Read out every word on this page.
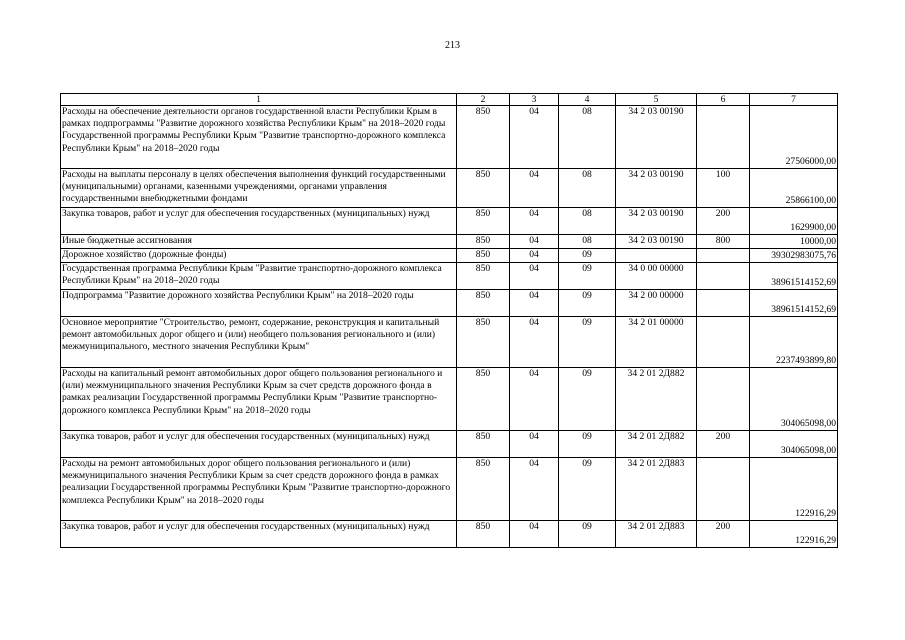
213
1	2	3	4	5	6	7
Расходы на обеспечение деятельности органов государственной власти Республики Крым в рамках подпрограммы "Развитие дорожного хозяйства Республики Крым" на 2018–2020 годы Государственной программы Республики Крым "Развитие транспортно-дорожного комплекса Республики Крым" на 2018–2020 годы	850	04	08	34 2 03 00190		27506000,00
Расходы на выплаты персоналу в целях обеспечения выполнения функций государственными (муниципальными) органами, казенными учреждениями, органами управления государственными внебюджетными фондами	850	04	08	34 2 03 00190	100	25866100,00
Закупка товаров, работ и услуг для обеспечения государственных (муниципальных) нужд	850	04	08	34 2 03 00190	200	1629900,00
Иные бюджетные ассигнования	850	04	08	34 2 03 00190	800	10000,00
Дорожное хозяйство (дорожные фонды)	850	04	09			39302983075,76
Государственная программа Республики Крым "Развитие транспортно-дорожного комплекса Республики Крым" на 2018–2020 годы	850	04	09	34 0 00 00000		38961514152,69
Подпрограмма "Развитие дорожного хозяйства Республики Крым" на 2018–2020 годы	850	04	09	34 2 00 00000		38961514152,69
Основное мероприятие "Строительство, ремонт, содержание, реконструкция и капитальный ремонт автомобильных дорог общего и (или) необщего пользования регионального и (или) межмуниципального, местного значения Республики Крым"	850	04	09	34 2 01 00000		2237493899,80
Расходы на капитальный ремонт автомобильных дорог общего пользования регионального и (или) межмуниципального значения Республики Крым за счет средств дорожного фонда в рамках реализации Государственной программы Республики Крым "Развитие транспортно-дорожного комплекса Республики Крым" на 2018–2020 годы	850	04	09	34 2 01 2Д882		304065098,00
Закупка товаров, работ и услуг для обеспечения государственных (муниципальных) нужд	850	04	09	34 2 01 2Д882	200	304065098,00
Расходы на ремонт автомобильных дорог общего пользования регионального и (или) межмуниципального значения Республики Крым за счет средств дорожного фонда в рамках реализации Государственной программы Республики Крым "Развитие транспортно-дорожного комплекса Республики Крым" на 2018–2020 годы	850	04	09	34 2 01 2Д883		122916,29
Закупка товаров, работ и услуг для обеспечения государственных (муниципальных) нужд	850	04	09	34 2 01 2Д883	200	122916,29
